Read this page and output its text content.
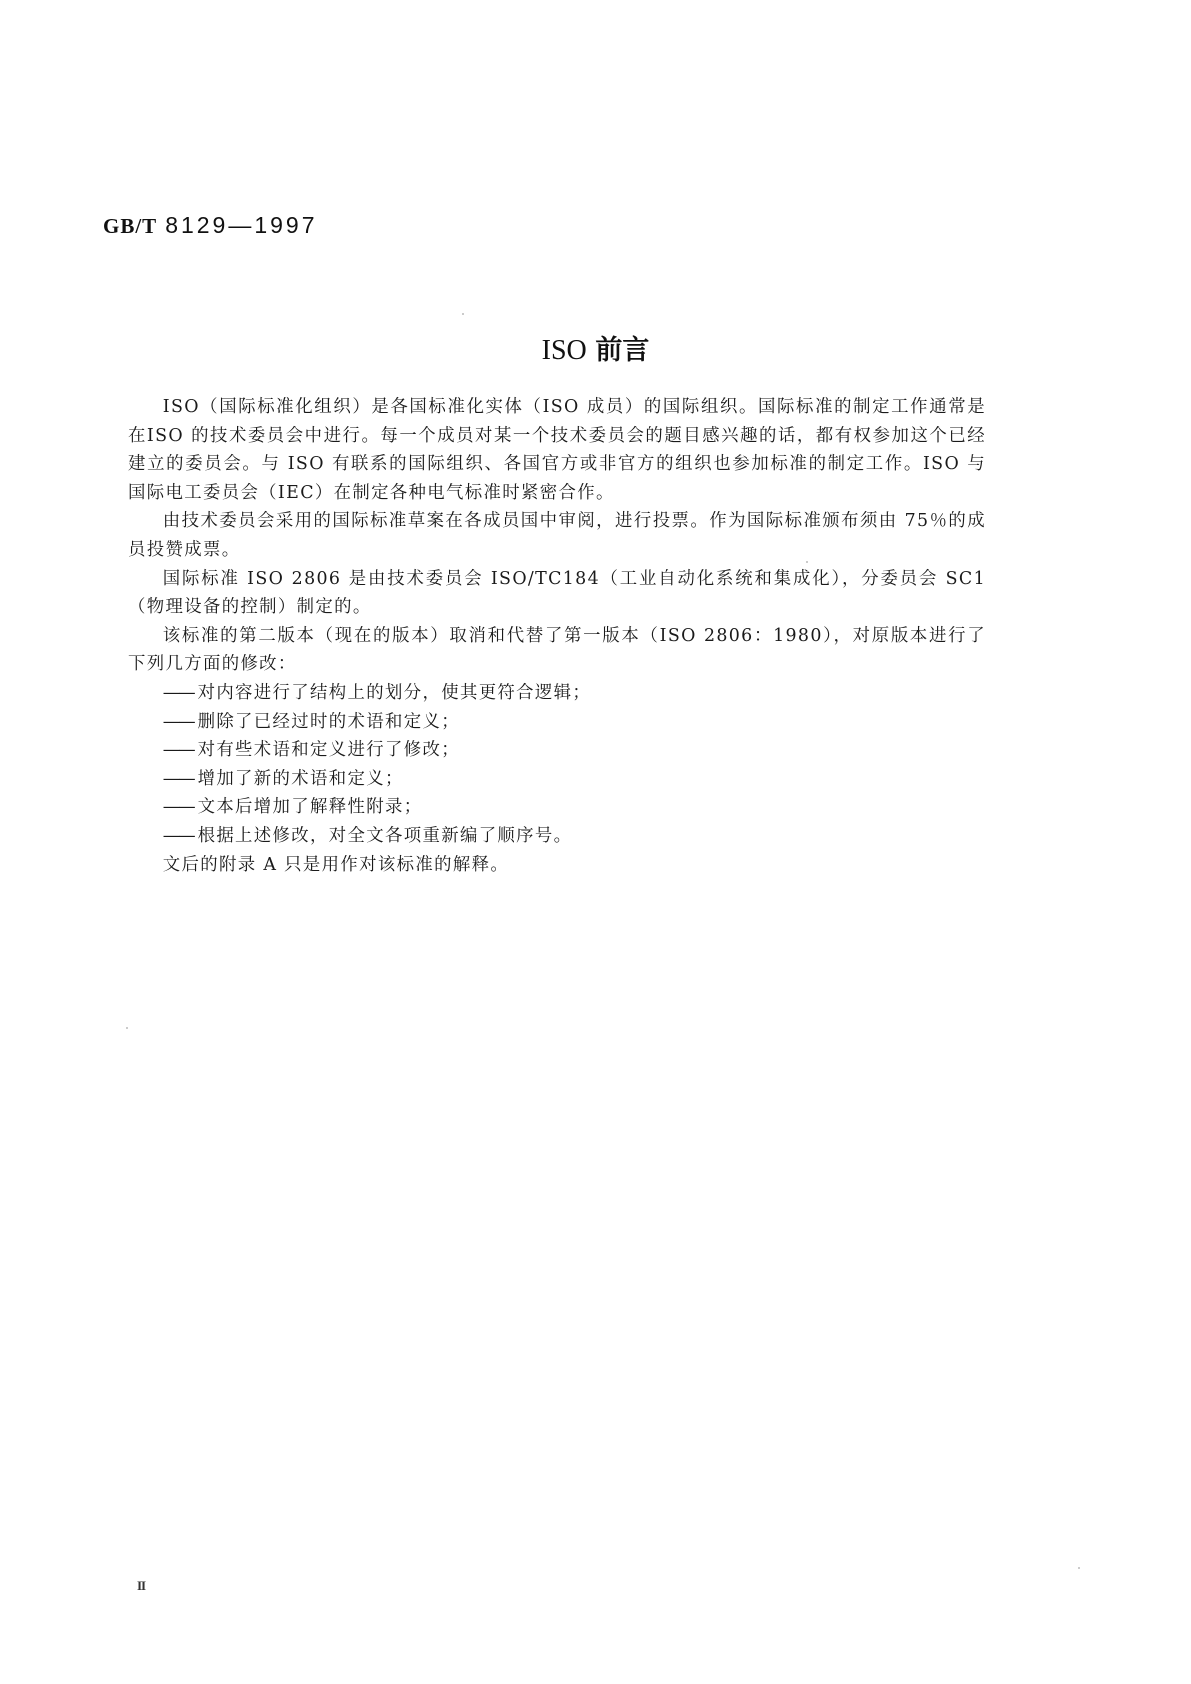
GB/T 8129—1997
ISO 前言

ISO（国际标准化组织）是各国标准化实体（ISO 成员）的国际组织。国际标准的制定工作通常是在ISO 的技术委员会中进行。每一个成员对某一个技术委员会的题目感兴趣的话，都有权参加这个已经建立的委员会。与 ISO 有联系的国际组织、各国官方或非官方的组织也参加标准的制定工作。ISO 与国际电工委员会（IEC）在制定各种电气标准时紧密合作。

由技术委员会采用的国际标准草案在各成员国中审阅，进行投票。作为国际标准颁布须由 75％的成员投赞成票。

国际标准 ISO 2806 是由技术委员会 ISO/TC184（工业自动化系统和集成化），分委员会 SC1（物理设备的控制）制定的。

该标准的第二版本（现在的版本）取消和代替了第一版本（ISO 2806：1980），对原版本进行了下列几方面的修改：

—— 对内容进行了结构上的划分，使其更符合逻辑；

—— 删除了已经过时的术语和定义；

—— 对有些术语和定义进行了修改；

—— 增加了新的术语和定义；

—— 文本后增加了解释性附录；

—— 根据上述修改，对全文各项重新编了顺序号。

文后的附录 A 只是用作对该标准的解释。

II
